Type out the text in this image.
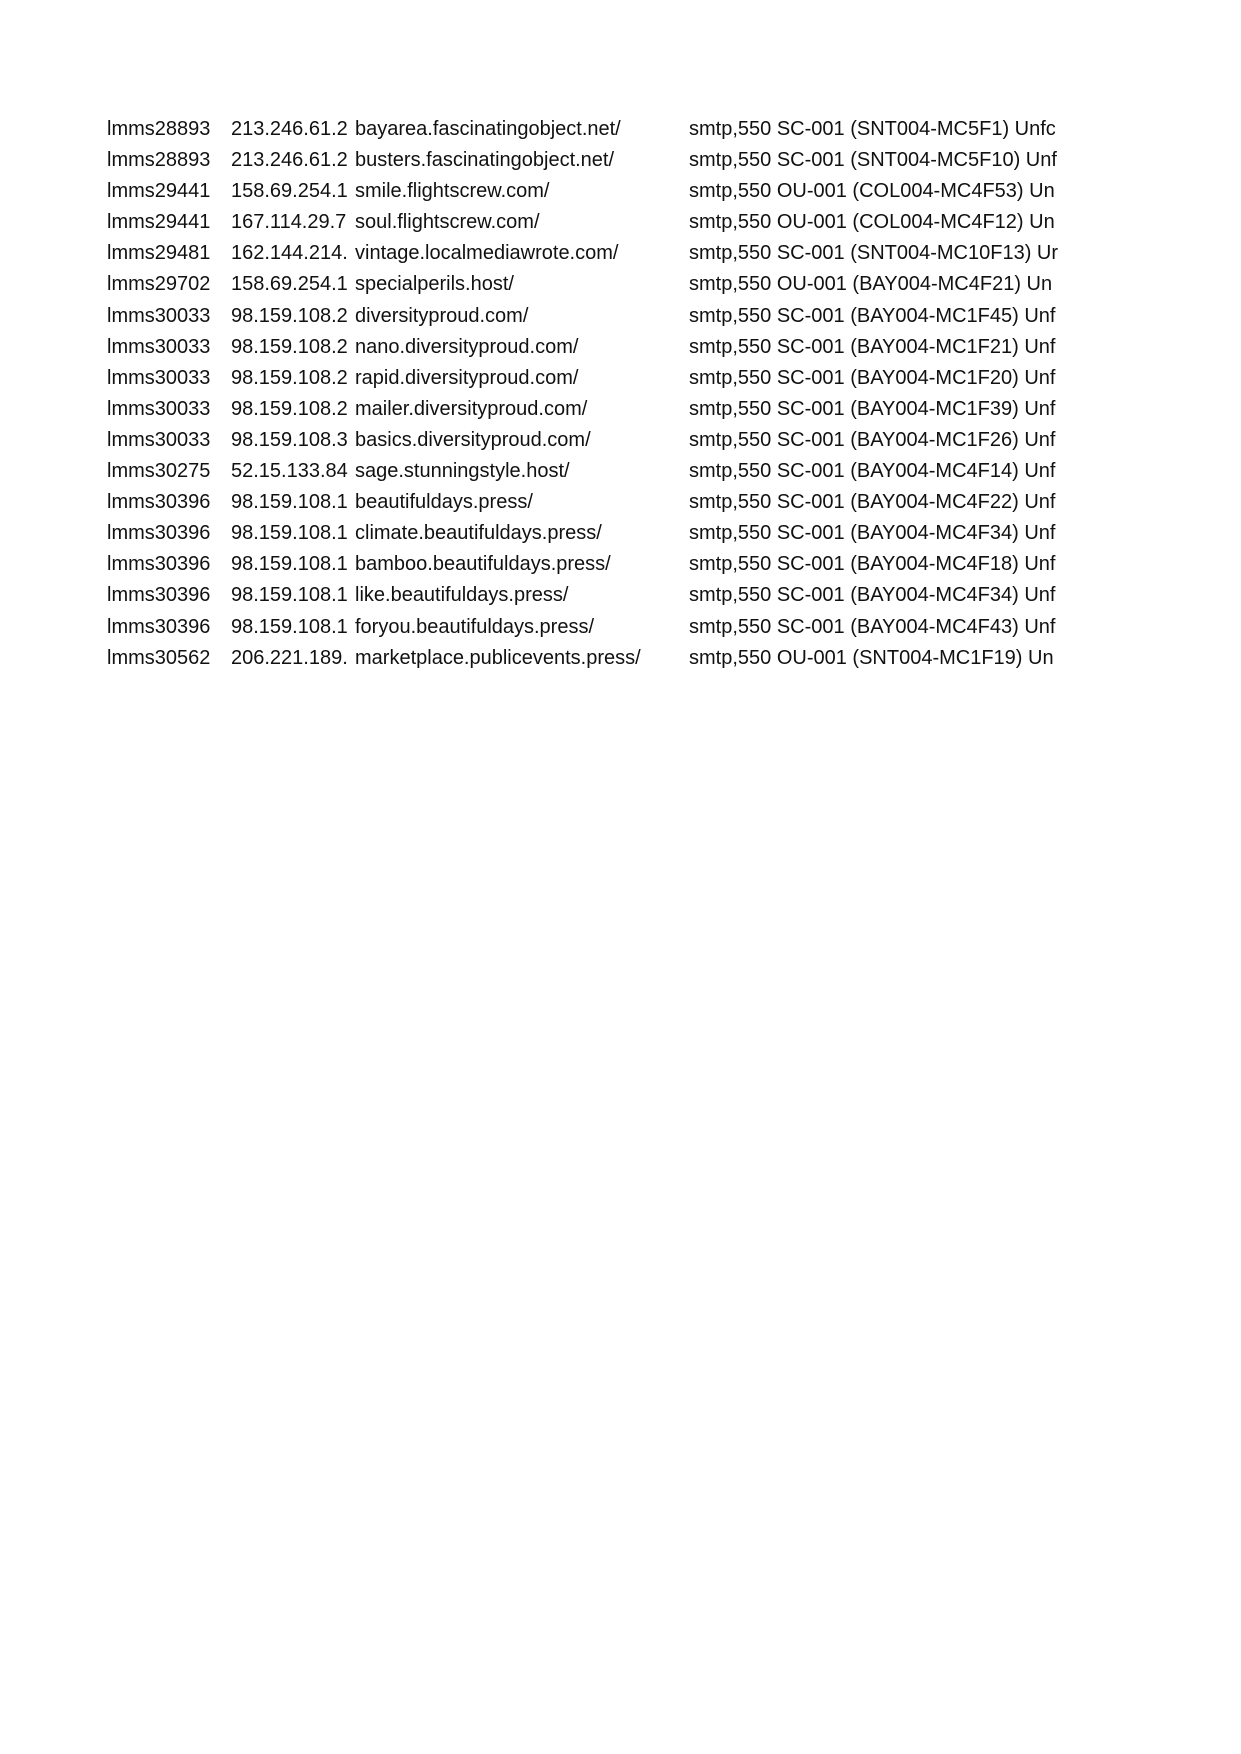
lmms28893	213.246.61.2 bayarea.fascinatingobject.net/	smtp,550 SC-001 (SNT004-MC5F1) Unfc
lmms28893	213.246.61.2 busters.fascinatingobject.net/	smtp,550 SC-001 (SNT004-MC5F10) Unf
lmms29441	158.69.254.1 smile.flightscrew.com/	smtp,550 OU-001 (COL004-MC4F53) Un
lmms29441	167.114.29.7 soul.flightscrew.com/	smtp,550 OU-001 (COL004-MC4F12) Un
lmms29481	162.144.214. vintage.localmediawrote.com/	smtp,550 SC-001 (SNT004-MC10F13) Ur
lmms29702	158.69.254.1 specialperils.host/	smtp,550 OU-001 (BAY004-MC4F21) Un
lmms30033	98.159.108.2 diversityproud.com/	smtp,550 SC-001 (BAY004-MC1F45) Unf
lmms30033	98.159.108.2 nano.diversityproud.com/	smtp,550 SC-001 (BAY004-MC1F21) Unf
lmms30033	98.159.108.2 rapid.diversityproud.com/	smtp,550 SC-001 (BAY004-MC1F20) Unf
lmms30033	98.159.108.2 mailer.diversityproud.com/	smtp,550 SC-001 (BAY004-MC1F39) Unf
lmms30033	98.159.108.3 basics.diversityproud.com/	smtp,550 SC-001 (BAY004-MC1F26) Unf
lmms30275	52.15.133.84 sage.stunningstyle.host/	smtp,550 SC-001 (BAY004-MC4F14) Unf
lmms30396	98.159.108.1 beautifuldays.press/	smtp,550 SC-001 (BAY004-MC4F22) Unf
lmms30396	98.159.108.1 climate.beautifuldays.press/	smtp,550 SC-001 (BAY004-MC4F34) Unf
lmms30396	98.159.108.1 bamboo.beautifuldays.press/	smtp,550 SC-001 (BAY004-MC4F18) Unf
lmms30396	98.159.108.1 like.beautifuldays.press/	smtp,550 SC-001 (BAY004-MC4F34) Unf
lmms30396	98.159.108.1 foryou.beautifuldays.press/	smtp,550 SC-001 (BAY004-MC4F43) Unf
lmms30562	206.221.189. marketplace.publicevents.press/	smtp,550 OU-001 (SNT004-MC1F19) Un
